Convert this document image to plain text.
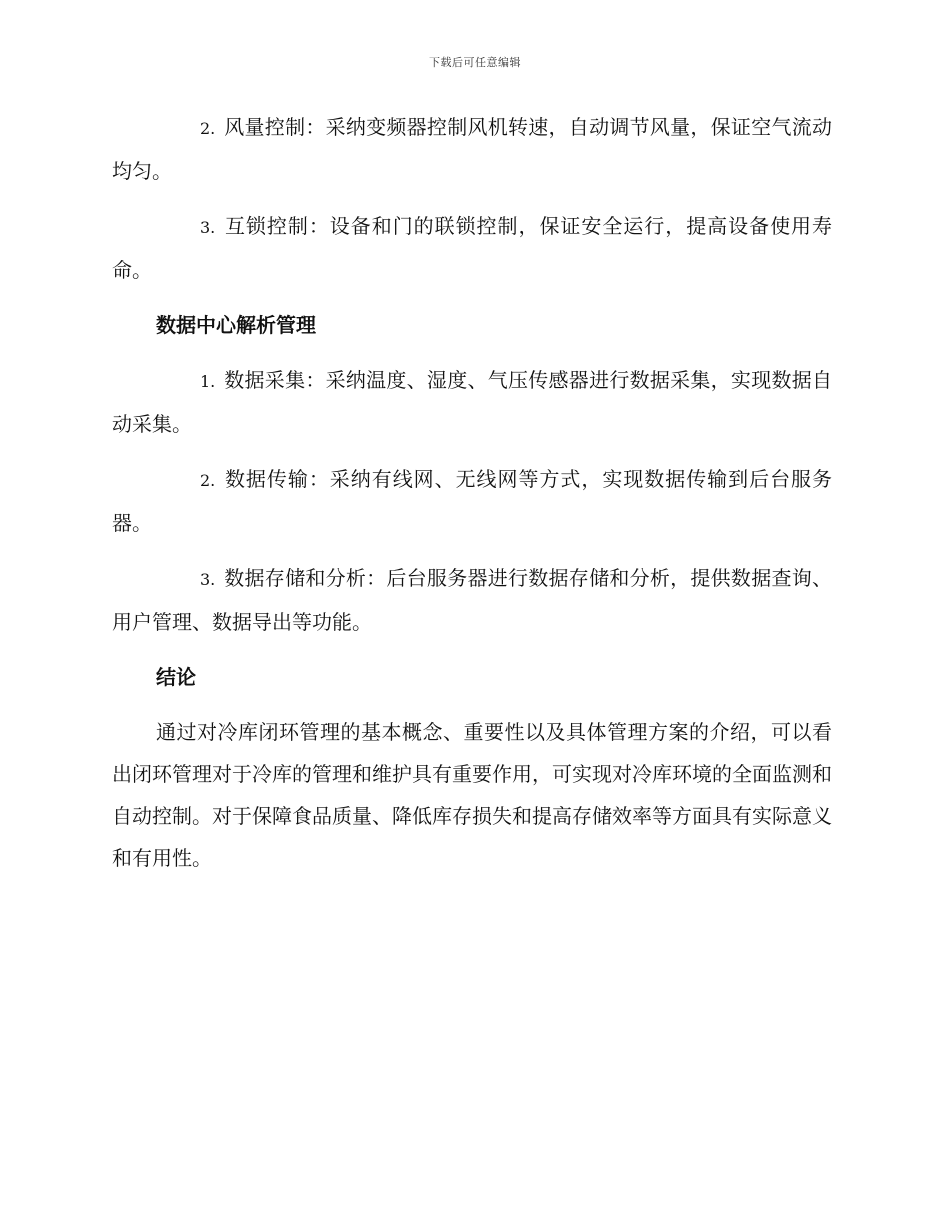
下载后可任意编辑

2. 风量控制：采纳变频器控制风机转速，自动调节风量，保证空气流动均匀。

3. 互锁控制：设备和门的联锁控制，保证安全运行，提高设备使用寿命。

数据中心解析管理

1. 数据采集：采纳温度、湿度、气压传感器进行数据采集，实现数据自动采集。

2. 数据传输：采纳有线网、无线网等方式，实现数据传输到后台服务器。

3. 数据存储和分析：后台服务器进行数据存储和分析，提供数据查询、用户管理、数据导出等功能。

结论

通过对冷库闭环管理的基本概念、重要性以及具体管理方案的介绍，可以看出闭环管理对于冷库的管理和维护具有重要作用，可实现对冷库环境的全面监测和自动控制。对于保障食品质量、降低库存损失和提高存储效率等方面具有实际意义和有用性。
